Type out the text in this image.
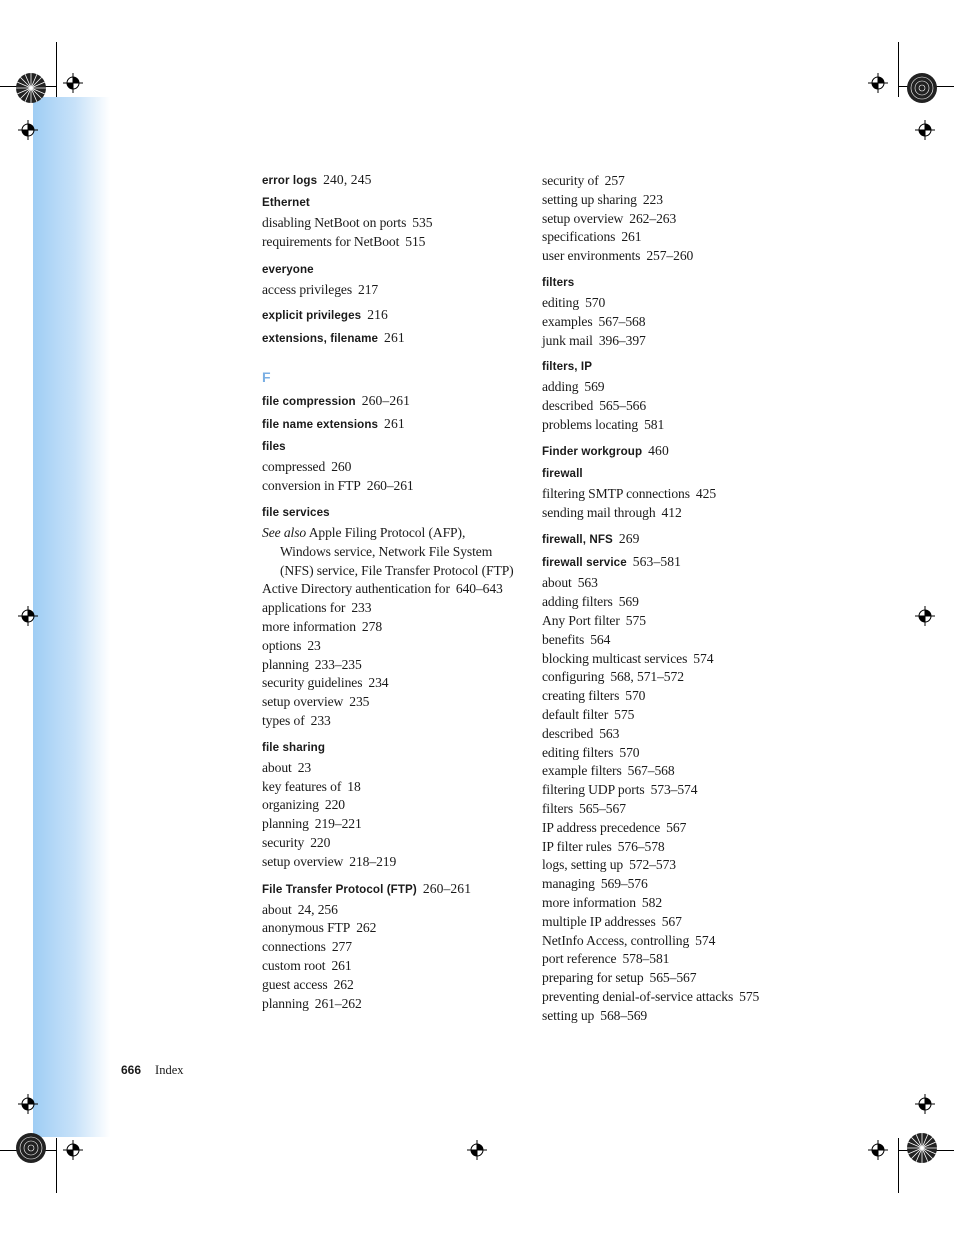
error logs 240, 245
Ethernet
disabling NetBoot on ports 535
requirements for NetBoot 515
everyone
access privileges 217
explicit privileges 216
extensions, filename 261
F
file compression 260–261
file name extensions 261
files
compressed 260
conversion in FTP 260–261
file services
See also Apple Filing Protocol (AFP), Windows service, Network File System (NFS) service, File Transfer Protocol (FTP)
Active Directory authentication for 640–643
applications for 233
more information 278
options 23
planning 233–235
security guidelines 234
setup overview 235
types of 233
file sharing
about 23
key features of 18
organizing 220
planning 219–221
security 220
setup overview 218–219
File Transfer Protocol (FTP) 260–261
about 24, 256
anonymous FTP 262
connections 277
custom root 261
guest access 262
planning 261–262
security of 257
setting up sharing 223
setup overview 262–263
specifications 261
user environments 257–260
filters
editing 570
examples 567–568
junk mail 396–397
filters, IP
adding 569
described 565–566
problems locating 581
Finder workgroup 460
firewall
filtering SMTP connections 425
sending mail through 412
firewall, NFS 269
firewall service 563–581
about 563
adding filters 569
Any Port filter 575
benefits 564
blocking multicast services 574
configuring 568, 571–572
creating filters 570
default filter 575
described 563
editing filters 570
example filters 567–568
filtering UDP ports 573–574
filters 565–567
IP address precedence 567
IP filter rules 576–578
logs, setting up 572–573
managing 569–576
more information 582
multiple IP addresses 567
NetInfo Access, controlling 574
port reference 578–581
preparing for setup 565–567
preventing denial-of-service attacks 575
setting up 568–569
666 Index
